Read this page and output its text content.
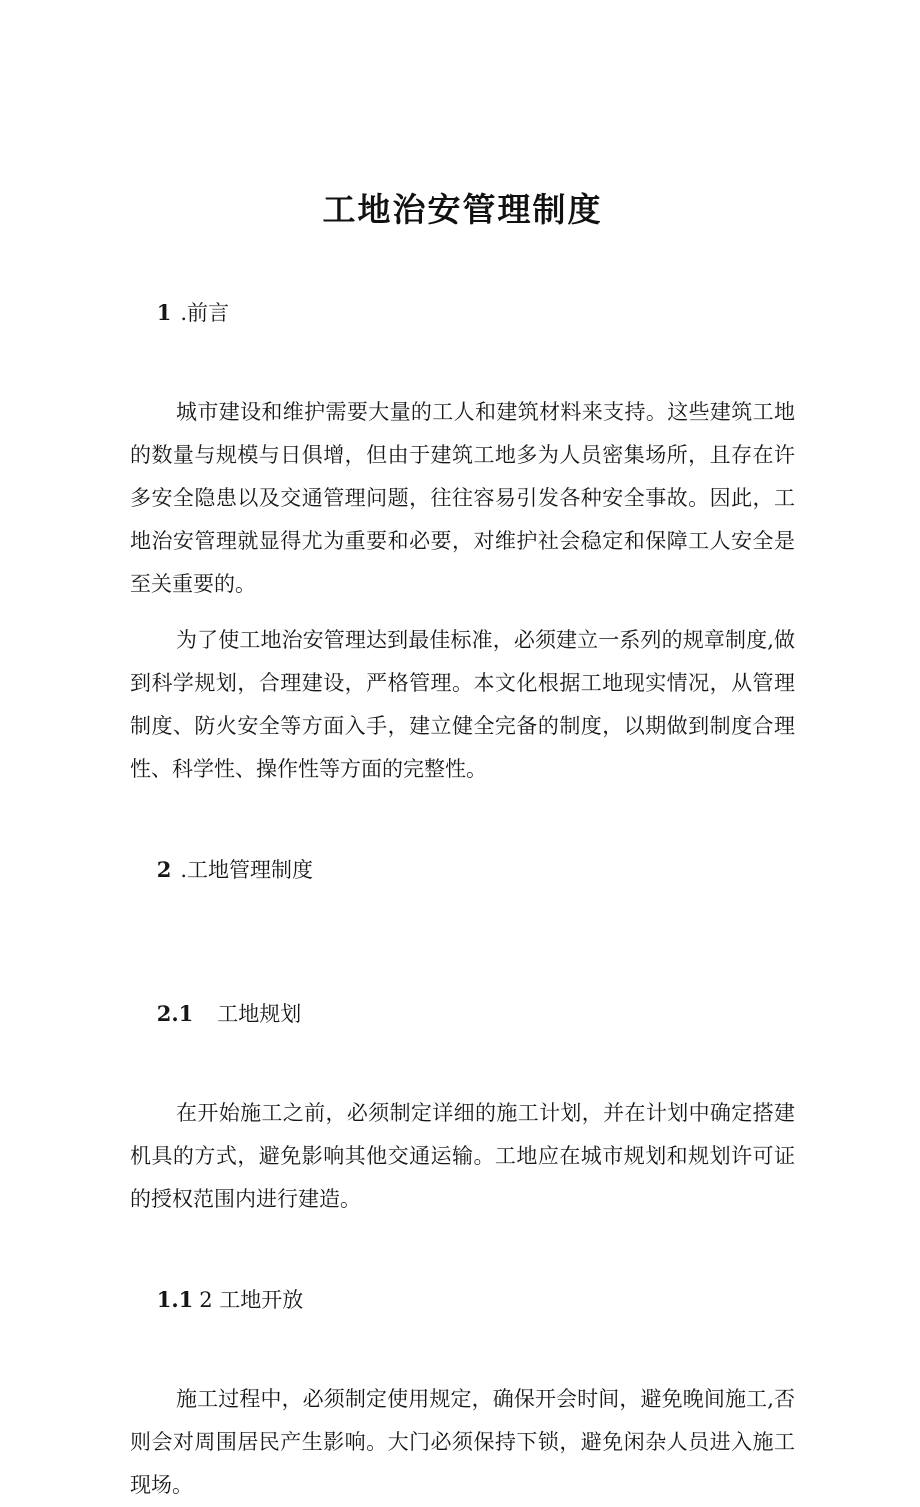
工地治安管理制度

1 .前言

城市建设和维护需要大量的工人和建筑材料来支持。这些建筑工地的数量与规模与日俱增，但由于建筑工地多为人员密集场所，且存在许多安全隐患以及交通管理问题，往往容易引发各种安全事故。因此，工地治安管理就显得尤为重要和必要，对维护社会稳定和保障工人安全是至关重要的。

为了使工地治安管理达到最佳标准，必须建立一系列的规章制度,做到科学规划，合理建设，严格管理。本文化根据工地现实情况，从管理制度、防火安全等方面入手，建立健全完备的制度，以期做到制度合理性、科学性、操作性等方面的完整性。

2 .工地管理制度

2.1 工地规划

在开始施工之前，必须制定详细的施工计划，并在计划中确定搭建机具的方式，避免影响其他交通运输。工地应在城市规划和规划许可证的授权范围内进行建造。

1.1 2 工地开放

施工过程中，必须制定使用规定，确保开会时间，避免晚间施工,否则会对周围居民产生影响。大门必须保持下锁，避免闲杂人员进入施工现场。
